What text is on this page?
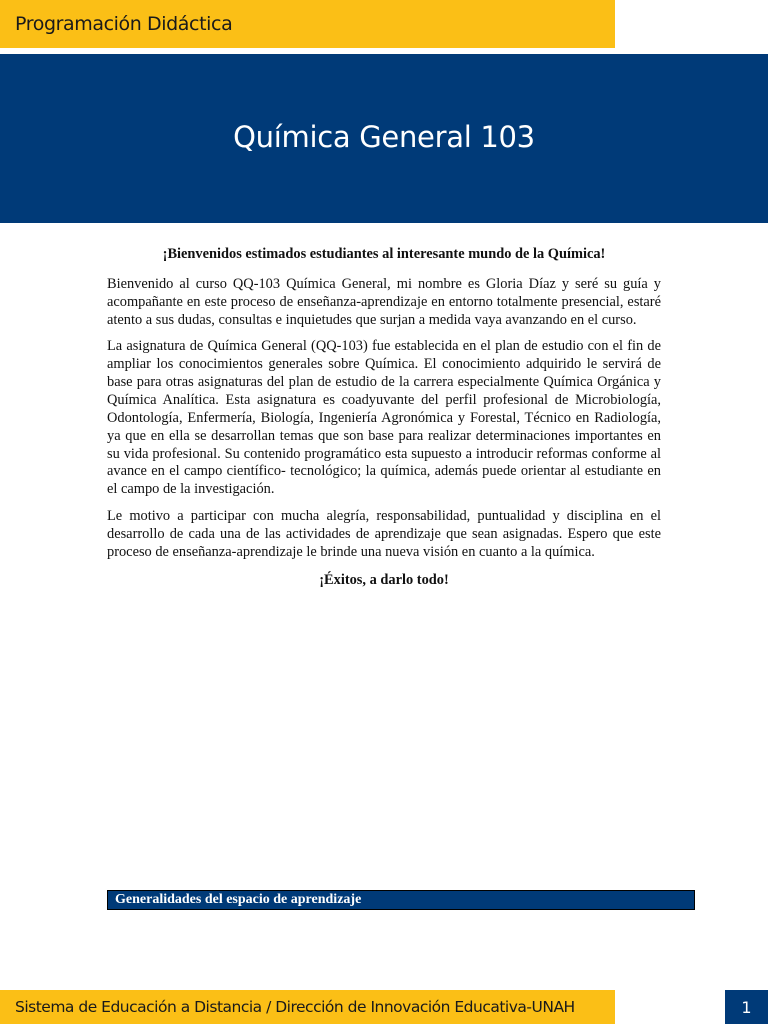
Programación Didáctica
Química General 103

¡Bienvenidos estimados estudiantes al interesante mundo de la Química!

Bienvenido al curso QQ-103 Química General, mi nombre es Gloria Díaz y seré su guía y acompañante en este proceso de enseñanza-aprendizaje en entorno totalmente presencial, estaré atento a sus dudas, consultas e inquietudes que surjan a medida vaya avanzando en el curso.

La asignatura de Química General (QQ-103) fue establecida en el plan de estudio con el fin de ampliar los conocimientos generales sobre Química. El conocimiento adquirido le servirá de base para otras asignaturas del plan de estudio de la carrera especialmente Química Orgánica y Química Analítica. Esta asignatura es coadyuvante del perfil profesional de Microbiología, Odontología, Enfermería, Biología, Ingeniería Agronómica y Forestal, Técnico en Radiología, ya que en ella se desarrollan temas que son base para realizar determinaciones importantes en su vida profesional. Su contenido programático esta supuesto a introducir reformas conforme al avance en el campo científico- tecnológico; la química, además puede orientar al estudiante en el campo de la investigación.

Le motivo a participar con mucha alegría, responsabilidad, puntualidad y disciplina en el desarrollo de cada una de las actividades de aprendizaje que sean asignadas. Espero que este proceso de enseñanza-aprendizaje le brinde una nueva visión en cuanto a la química.

¡Éxitos, a darlo todo!

Generalidades del espacio de aprendizaje
Sistema de Educación a Distancia / Dirección de Innovación Educativa-UNAH	1
